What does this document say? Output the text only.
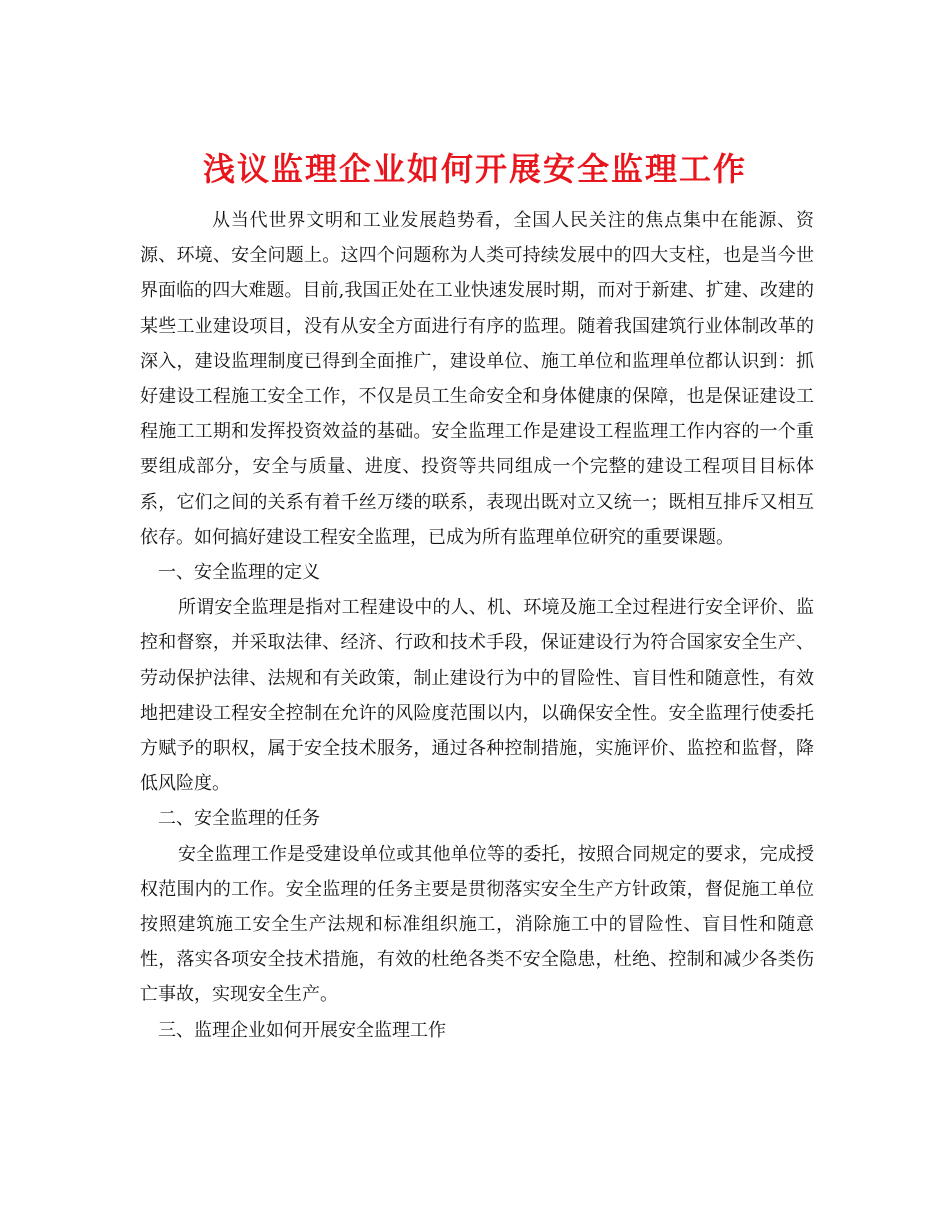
浅议监理企业如何开展安全监理工作

从当代世界文明和工业发展趋势看，全国人民关注的焦点集中在能源、资源、环境、安全问题上。这四个问题称为人类可持续发展中的四大支柱，也是当今世界面临的四大难题。目前,我国正处在工业快速发展时期，而对于新建、扩建、改建的某些工业建设项目，没有从安全方面进行有序的监理。随着我国建筑行业体制改革的深入，建设监理制度已得到全面推广，建设单位、施工单位和监理单位都认识到：抓好建设工程施工安全工作，不仅是员工生命安全和身体健康的保障，也是保证建设工程施工工期和发挥投资效益的基础。安全监理工作是建设工程监理工作内容的一个重要组成部分，安全与质量、进度、投资等共同组成一个完整的建设工程项目目标体系，它们之间的关系有着千丝万缕的联系，表现出既对立又统一；既相互排斥又相互依存。如何搞好建设工程安全监理，已成为所有监理单位研究的重要课题。

一、安全监理的定义

所谓安全监理是指对工程建设中的人、机、环境及施工全过程进行安全评价、监控和督察，并采取法律、经济、行政和技术手段，保证建设行为符合国家安全生产、劳动保护法律、法规和有关政策，制止建设行为中的冒险性、盲目性和随意性，有效地把建设工程安全控制在允许的风险度范围以内，以确保安全性。安全监理行使委托方赋予的职权，属于安全技术服务，通过各种控制措施，实施评价、监控和监督，降低风险度。

二、安全监理的任务

安全监理工作是受建设单位或其他单位等的委托，按照合同规定的要求，完成授权范围内的工作。安全监理的任务主要是贯彻落实安全生产方针政策，督促施工单位按照建筑施工安全生产法规和标准组织施工，消除施工中的冒险性、盲目性和随意性，落实各项安全技术措施，有效的杜绝各类不安全隐患，杜绝、控制和减少各类伤亡事故，实现安全生产。

三、监理企业如何开展安全监理工作
